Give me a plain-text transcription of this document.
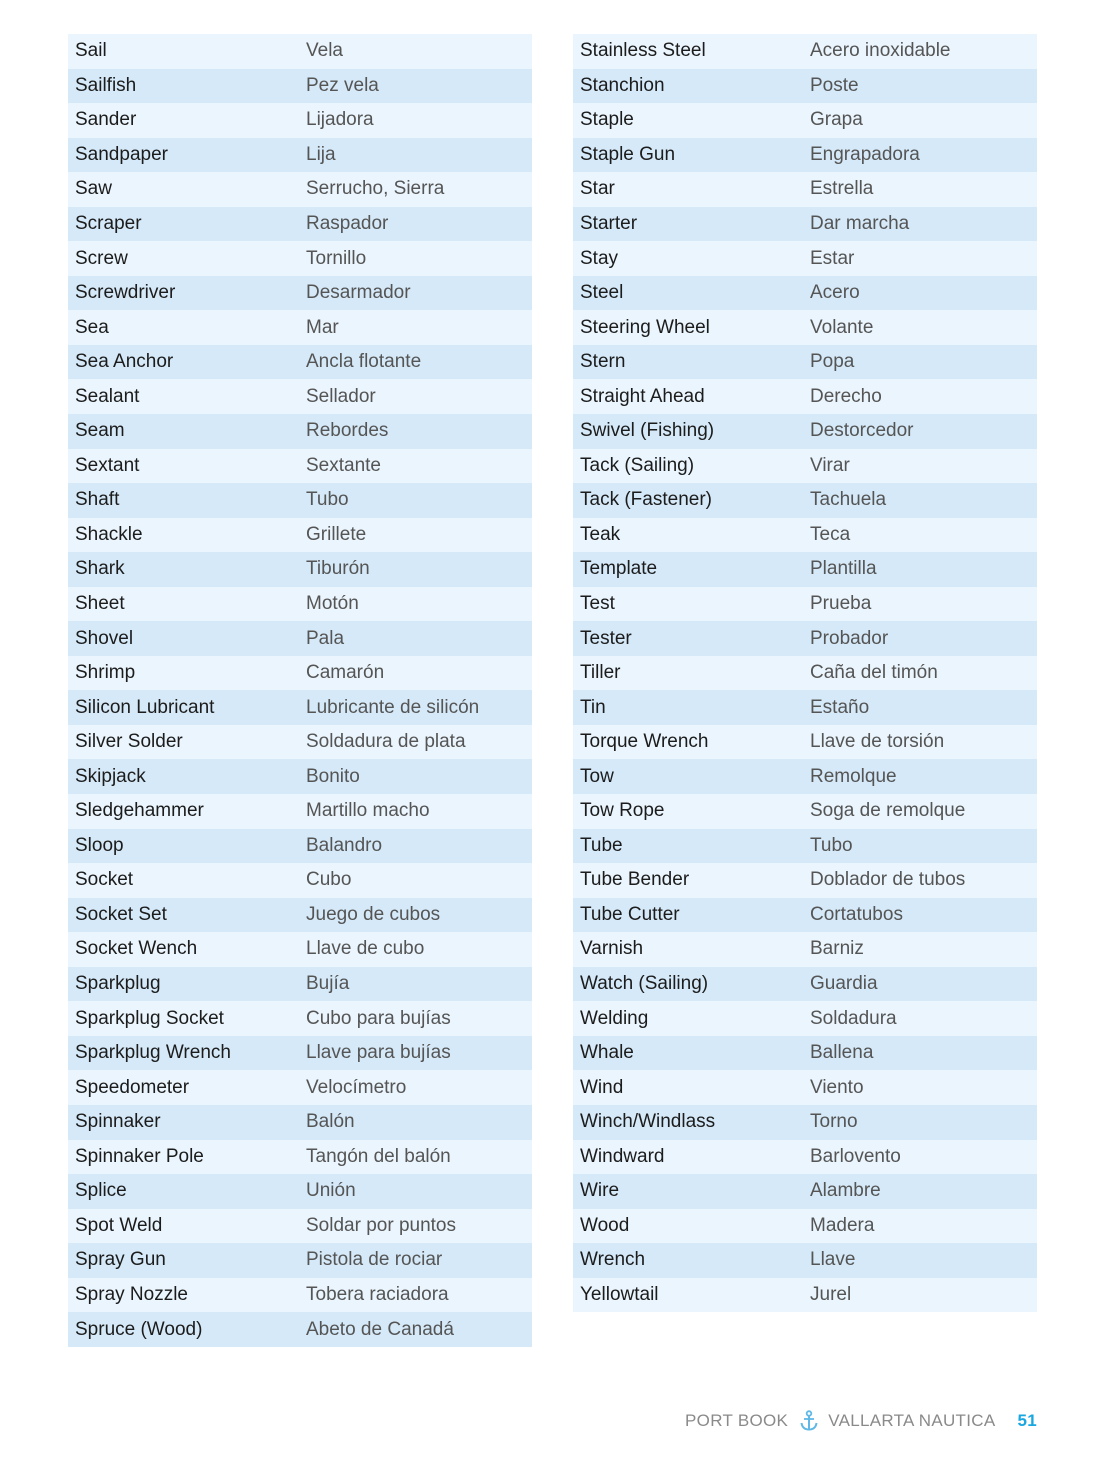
Sail	Vela
Sailfish	Pez vela
Sander	Lijadora
Sandpaper	Lija
Saw	Serrucho, Sierra
Scraper	Raspador
Screw	Tornillo
Screwdriver	Desarmador
Sea	Mar
Sea Anchor	Ancla flotante
Sealant	Sellador
Seam	Rebordes
Sextant	Sextante
Shaft	Tubo
Shackle	Grillete
Shark	Tiburón
Sheet	Motón
Shovel	Pala
Shrimp	Camarón
Silicon Lubricant	Lubricante de silicón
Silver Solder	Soldadura de plata
Skipjack	Bonito
Sledgehammer	Martillo macho
Sloop	Balandro
Socket	Cubo
Socket Set	Juego de cubos
Socket Wench	Llave de cubo
Sparkplug	Bujía
Sparkplug Socket	Cubo para bujías
Sparkplug Wrench	Llave para bujías
Speedometer	Velocímetro
Spinnaker	Balón
Spinnaker Pole	Tangón del balón
Splice	Unión
Spot Weld	Soldar por puntos
Spray Gun	Pistola de rociar
Spray Nozzle	Tobera raciadora
Spruce (Wood)	Abeto de Canadá
Stainless Steel	Acero inoxidable
Stanchion	Poste
Staple	Grapa
Staple Gun	Engrapadora
Star	Estrella
Starter	Dar marcha
Stay	Estar
Steel	Acero
Steering Wheel	Volante
Stern	Popa
Straight Ahead	Derecho
Swivel (Fishing)	Destorcedor
Tack (Sailing)	Virar
Tack (Fastener)	Tachuela
Teak	Teca
Template	Plantilla
Test	Prueba
Tester	Probador
Tiller	Caña del timón
Tin	Estaño
Torque Wrench	Llave de torsión
Tow	Remolque
Tow Rope	Soga de remolque
Tube	Tubo
Tube Bender	Doblador de tubos
Tube Cutter	Cortatubos
Varnish	Barniz
Watch (Sailing)	Guardia
Welding	Soldadura
Whale	Ballena
Wind	Viento
Winch/Windlass	Torno
Windward	Barlovento
Wire	Alambre
Wood	Madera
Wrench	Llave
Yellowtail	Jurel
PORT BOOK VALLARTA NAUTICA 51
